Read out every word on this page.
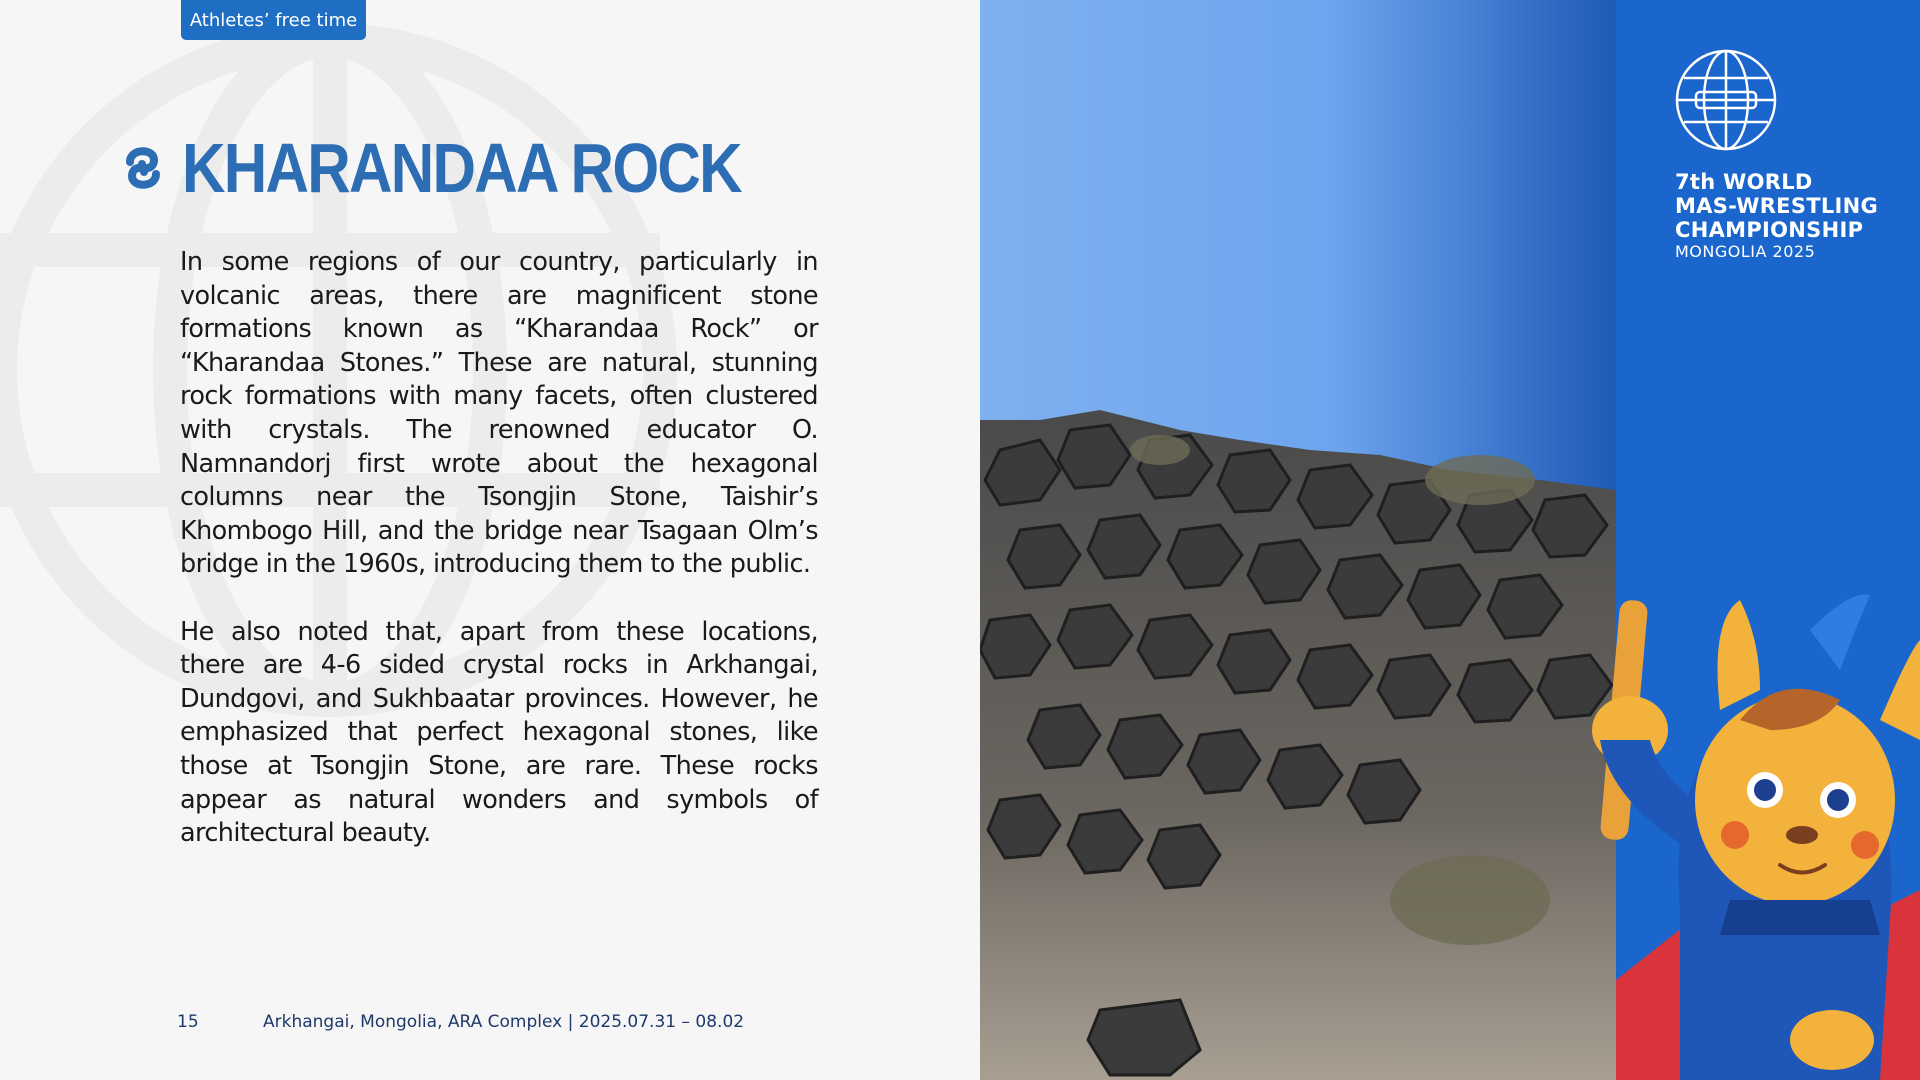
Athletes’ free time
KHARANDAA ROCK

In some regions of our country, particularly in volcanic areas, there are magnificent stone formations known as “Kharandaa Rock” or “Kharandaa Stones.” These are natural, stunning rock formations with many facets, often clustered with crystals. The renowned educator O. Namnandorj first wrote about the hexagonal columns near the Tsongjin Stone, Taishir’s Khombogo Hill, and the bridge near Tsagaan Olm’s bridge in the 1960s, introducing them to the public.

He also noted that, apart from these locations, there are 4-6 sided crystal rocks in Arkhangai, Dundgovi, and Sukhbaatar provinces. However, he emphasized that perfect hexagonal stones, like those at Tsongjin Stone, are rare. These rocks appear as natural wonders and symbols of architectural beauty.

15	Arkhangai, Mongolia, ARA Complex | 2025.07.31 – 08.02
7th WORLD
MAS-WRESTLING
CHAMPIONSHIP
MONGOLIA 2025
